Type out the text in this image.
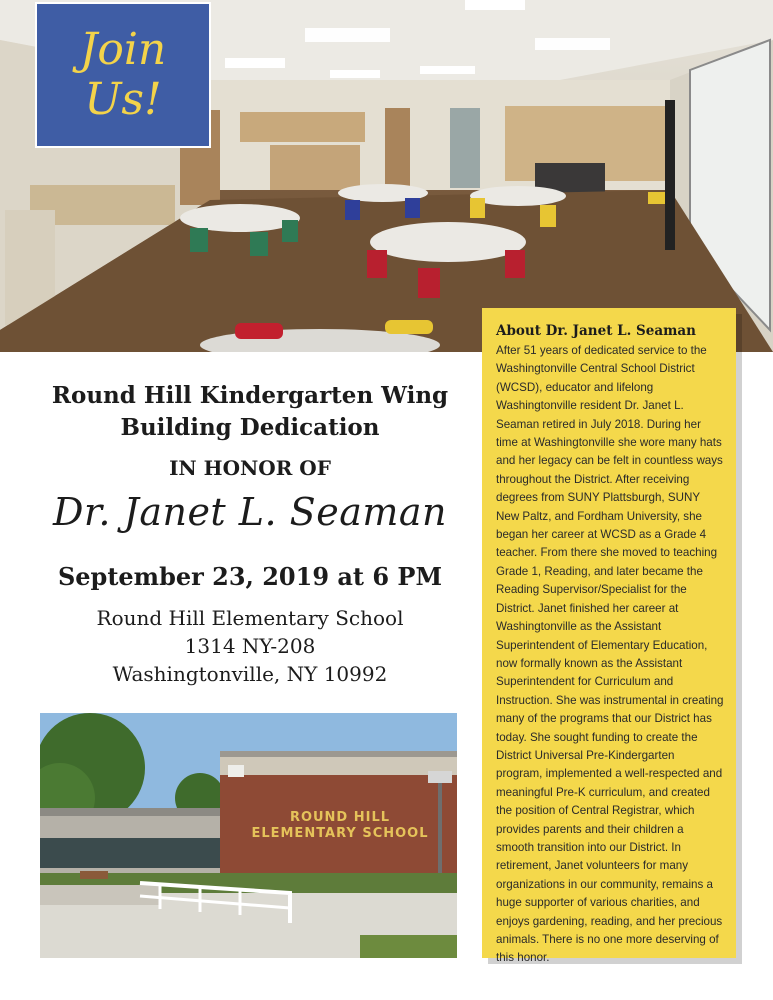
Join
Us!
Round Hill Kindergarten Wing
Building Dedication
IN HONOR OF
Dr. Janet L. Seaman
September 23, 2019 at 6 PM
Round Hill Elementary School
1314 NY-208
Washingtonville, NY 10992
ROUND HILL
ELEMENTARY SCHOOL
About Dr. Janet L. Seaman

After 51 years of dedicated service to the Washingtonville Central School District (WCSD), educator and lifelong Washingtonville resident Dr. Janet L. Seaman retired in July 2018. During her time at Washingtonville she wore many hats and her legacy can be felt in countless ways throughout the District. After receiving degrees from SUNY Plattsburgh, SUNY New Paltz, and Fordham University, she began her career at WCSD as a Grade 4 teacher. From there she moved to teaching Grade 1, Reading, and later became the Reading Supervisor/Specialist for the District. Janet finished her career at Washingtonville as the Assistant Superintendent of Elementary Education, now formally known as the Assistant Superintendent for Curriculum and Instruction. She was instrumental in creating many of the programs that our District has today. She sought funding to create the District Universal Pre-Kindergarten program, implemented a well-respected and meaningful Pre-K curriculum, and created the position of Central Registrar, which provides parents and their children a smooth transition into our District. In retirement, Janet volunteers for many organizations in our community, remains a huge supporter of various charities, and enjoys gardening, reading, and her precious animals. There is no one more deserving of this honor.
